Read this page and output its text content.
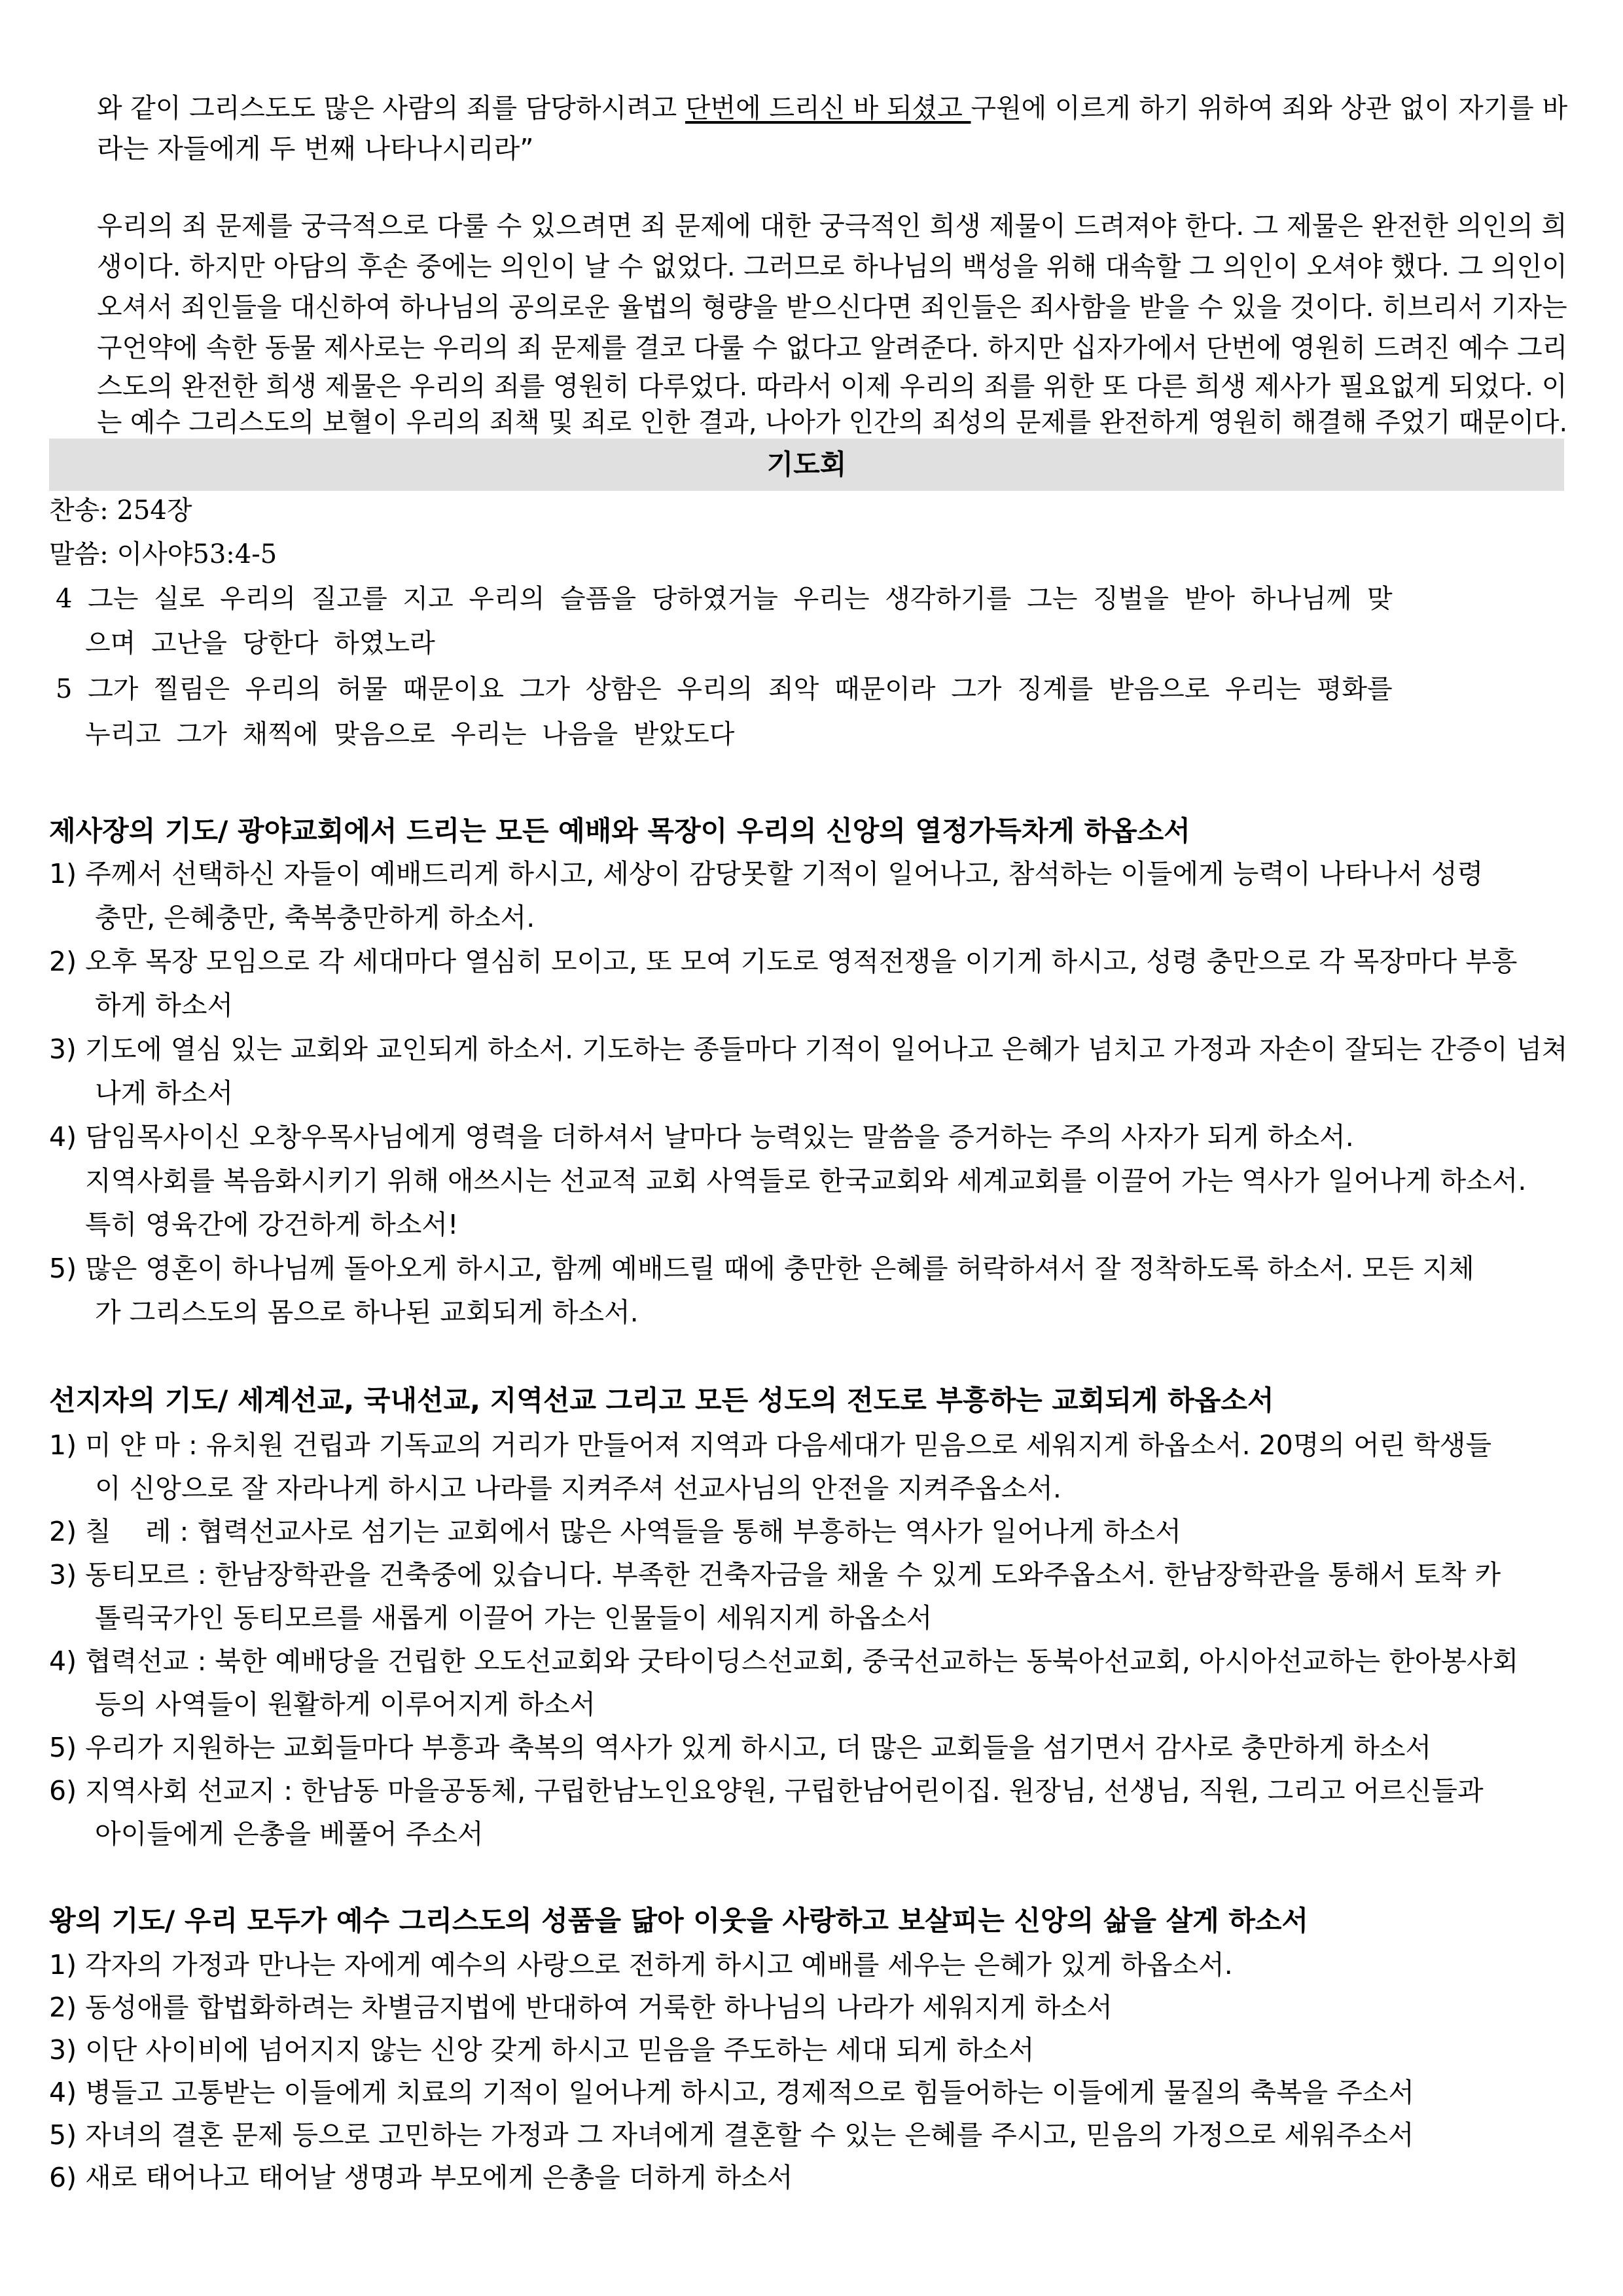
와 같이 그리스도도 많은 사람의 죄를 담당하시려고 단번에 드리신 바 되셨고 구원에 이르게 하기 위하여 죄와 상관 없이 자기를 바
라는 자들에게 두 번째 나타나시리라”
우리의 죄 문제를 궁극적으로 다룰 수 있으려면 죄 문제에 대한 궁극적인 희생 제물이 드려져야 한다. 그 제물은 완전한 의인의 희
생이다. 하지만 아담의 후손 중에는 의인이 날 수 없었다. 그러므로 하나님의 백성을 위해 대속할 그 의인이 오셔야 했다. 그 의인이
오셔서 죄인들을 대신하여 하나님의 공의로운 율법의 형량을 받으신다면 죄인들은 죄사함을 받을 수 있을 것이다. 히브리서 기자는
구언약에 속한 동물 제사로는 우리의 죄 문제를 결코 다룰 수 없다고 알려준다. 하지만 십자가에서 단번에 영원히 드려진 예수 그리
스도의 완전한 희생 제물은 우리의 죄를 영원히 다루었다. 따라서 이제 우리의 죄를 위한 또 다른 희생 제사가 필요없게 되었다. 이
는 예수 그리스도의 보혈이 우리의 죄책 및 죄로 인한 결과, 나아가 인간의 죄성의 문제를 완전하게 영원히 해결해 주었기 때문이다.
기도회
찬송: 254장
말씀: 이사야53:4-5
4 그는 실로 우리의 질고를 지고 우리의 슬픔을 당하였거늘 우리는 생각하기를 그는 징벌을 받아 하나님께 맞
으며 고난을 당한다 하였노라
5 그가 찔림은 우리의 허물 때문이요 그가 상함은 우리의 죄악 때문이라 그가 징계를 받음으로 우리는 평화를
누리고 그가 채찍에 맞음으로 우리는 나음을 받았도다
제사장의 기도/ 광야교회에서 드리는 모든 예배와 목장이 우리의 신앙의 열정가득차게 하옵소서
1) 주께서 선택하신 자들이 예배드리게 하시고, 세상이 감당못할 기적이 일어나고, 참석하는 이들에게 능력이 나타나서 성령
충만, 은혜충만, 축복충만하게 하소서.
2) 오후 목장 모임으로 각 세대마다 열심히 모이고, 또 모여 기도로 영적전쟁을 이기게 하시고, 성령 충만으로 각 목장마다 부흥
하게 하소서
3) 기도에 열심 있는 교회와 교인되게 하소서. 기도하는 종들마다 기적이 일어나고 은혜가 넘치고 가정과 자손이 잘되는 간증이 넘쳐
나게 하소서
4) 담임목사이신 오창우목사님에게 영력을 더하셔서 날마다 능력있는 말씀을 증거하는 주의 사자가 되게 하소서.
지역사회를 복음화시키기 위해 애쓰시는 선교적 교회 사역들로 한국교회와 세계교회를 이끌어 가는 역사가 일어나게 하소서.
특히 영육간에 강건하게 하소서!
5) 많은 영혼이 하나님께 돌아오게 하시고, 함께 예배드릴 때에 충만한 은혜를 허락하셔서 잘 정착하도록 하소서. 모든 지체
가 그리스도의 몸으로 하나된 교회되게 하소서.
선지자의 기도/ 세계선교, 국내선교, 지역선교 그리고 모든 성도의 전도로 부흥하는 교회되게 하옵소서
1) 미 얀 마 : 유치원 건립과 기독교의 거리가 만들어져 지역과 다음세대가 믿음으로 세워지게 하옵소서. 20명의 어린 학생들
이 신앙으로 잘 자라나게 하시고 나라를 지켜주셔 선교사님의 안전을 지켜주옵소서.
2) 칠    레 : 협력선교사로 섬기는 교회에서 많은 사역들을 통해 부흥하는 역사가 일어나게 하소서
3) 동티모르 : 한남장학관을 건축중에 있습니다. 부족한 건축자금을 채울 수 있게 도와주옵소서. 한남장학관을 통해서 토착 카
톨릭국가인 동티모르를 새롭게 이끌어 가는 인물들이 세워지게 하옵소서
4) 협력선교 : 북한 예배당을 건립한 오도선교회와 굿타이딩스선교회, 중국선교하는 동북아선교회, 아시아선교하는 한아봉사회
등의 사역들이 원활하게 이루어지게 하소서
5) 우리가 지원하는 교회들마다 부흥과 축복의 역사가 있게 하시고, 더 많은 교회들을 섬기면서 감사로 충만하게 하소서
6) 지역사회 선교지 : 한남동 마을공동체, 구립한남노인요양원, 구립한남어린이집. 원장님, 선생님, 직원, 그리고 어르신들과
아이들에게 은총을 베풀어 주소서
왕의 기도/ 우리 모두가 예수 그리스도의 성품을 닮아 이웃을 사랑하고 보살피는 신앙의 삶을 살게 하소서
1) 각자의 가정과 만나는 자에게 예수의 사랑으로 전하게 하시고 예배를 세우는 은혜가 있게 하옵소서.
2) 동성애를 합법화하려는 차별금지법에 반대하여 거룩한 하나님의 나라가 세워지게 하소서
3) 이단 사이비에 넘어지지 않는 신앙 갖게 하시고 믿음을 주도하는 세대 되게 하소서
4) 병들고 고통받는 이들에게 치료의 기적이 일어나게 하시고, 경제적으로 힘들어하는 이들에게 물질의 축복을 주소서
5) 자녀의 결혼 문제 등으로 고민하는 가정과 그 자녀에게 결혼할 수 있는 은혜를 주시고, 믿음의 가정으로 세워주소서
6) 새로 태어나고 태어날 생명과 부모에게 은총을 더하게 하소서
